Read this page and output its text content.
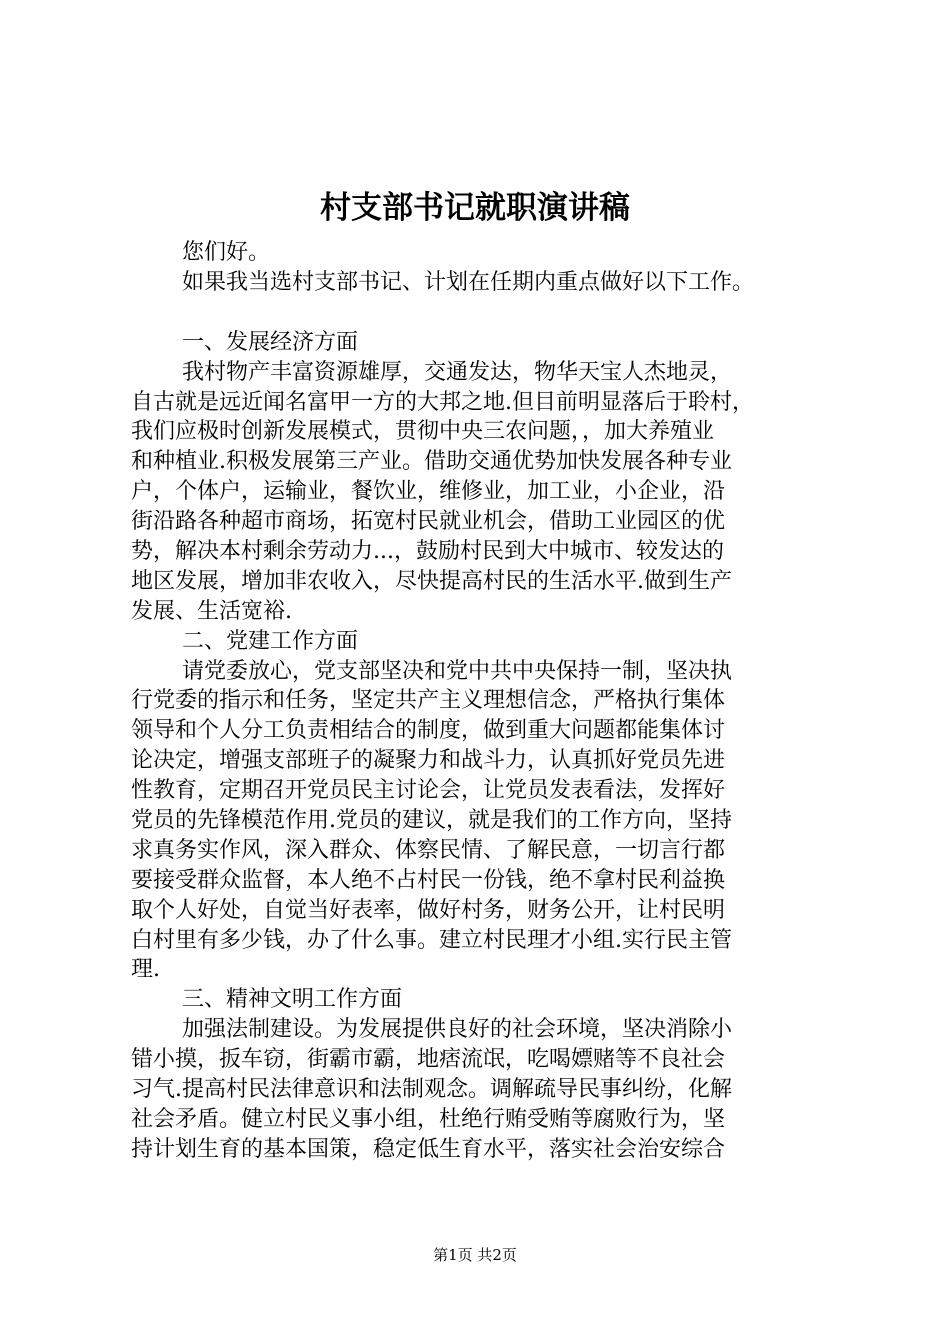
村支部书记就职演讲稿
您们好。
如果我当选村支部书记、计划在任期内重点做好以下工作。
一、发展经济方面
我村物产丰富资源雄厚，交通发达，物华天宝人杰地灵，
自古就是远近闻名富甲一方的大邦之地.但目前明显落后于聆村，
我们应极时创新发展模式，贯彻中央三农问题，，加大养殖业
和种植业.积极发展第三产业。借助交通优势加快发展各种专业
户，个体户，运输业，餐饮业，维修业，加工业，小企业，沿
街沿路各种超市商场，拓宽村民就业机会，借助工业园区的优
势，解决本村剩余劳动力...，鼓励村民到大中城市、较发达的
地区发展，增加非农收入，尽快提高村民的生活水平.做到生产
发展、生活宽裕.
二、党建工作方面
请党委放心，党支部坚决和党中共中央保持一制，坚决执
行党委的指示和任务，坚定共产主义理想信念，严格执行集体
领导和个人分工负责相结合的制度，做到重大问题都能集体讨
论决定，增强支部班子的凝聚力和战斗力，认真抓好党员先进
性教育，定期召开党员民主讨论会，让党员发表看法，发挥好
党员的先锋模范作用.党员的建议，就是我们的工作方向，坚持
求真务实作风，深入群众、体察民情、了解民意，一切言行都
要接受群众监督，本人绝不占村民一份钱，绝不拿村民利益换
取个人好处，自觉当好表率，做好村务，财务公开，让村民明
白村里有多少钱，办了什么事。建立村民理才小组.实行民主管
理.
三、精神文明工作方面
加强法制建设。为发展提供良好的社会环境，坚决消除小
错小摸，扳车窃，街霸市霸，地痞流氓，吃喝嫖赌等不良社会
习气.提高村民法律意识和法制观念。调解疏导民事纠纷，化解
社会矛盾。健立村民义事小组，杜绝行贿受贿等腐败行为，坚
持计划生育的基本国策，稳定低生育水平，落实社会治安综合
第1页 共2页
